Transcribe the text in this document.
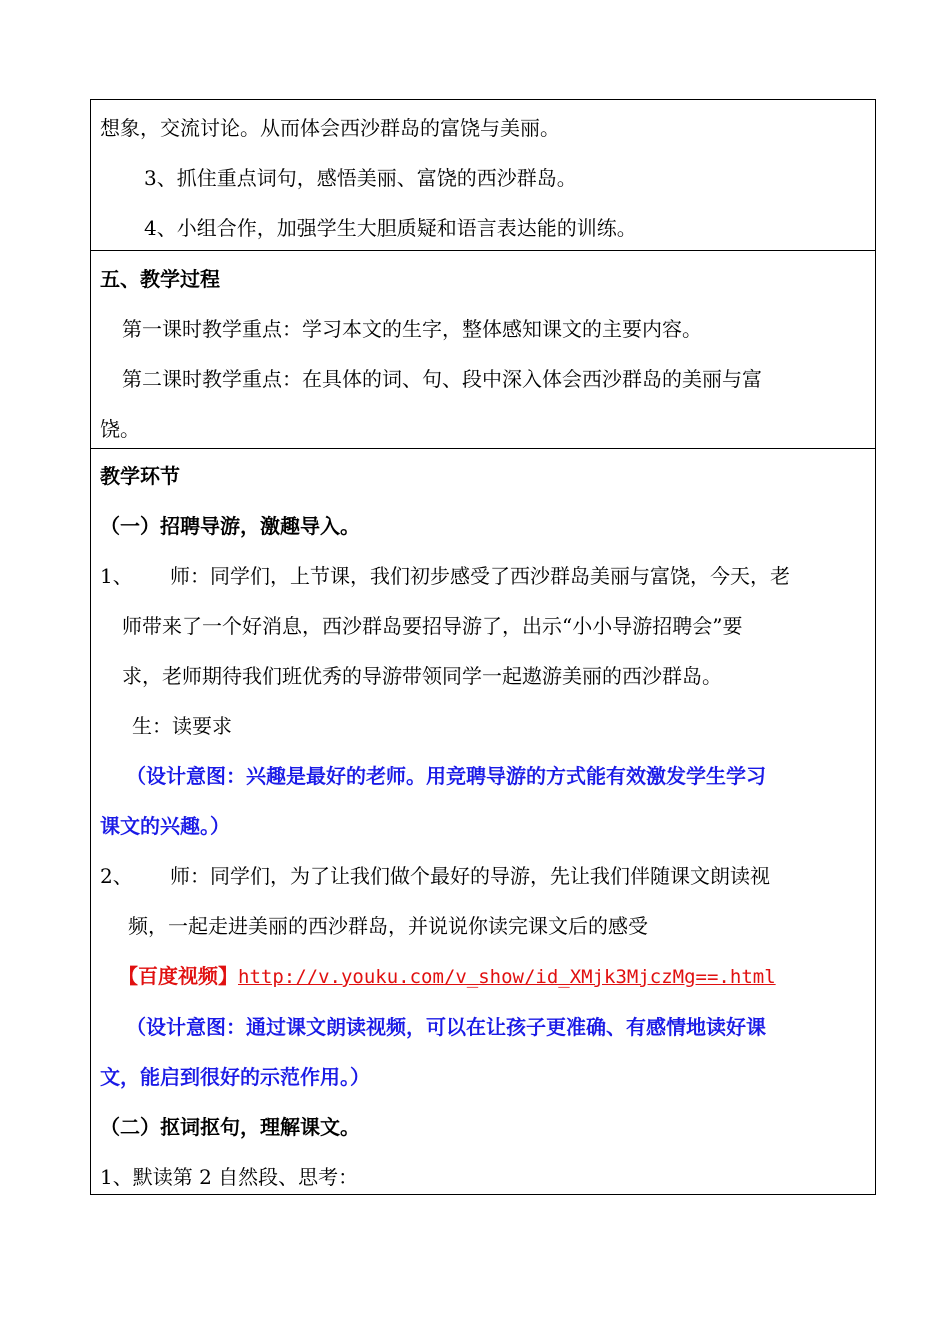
想象，交流讨论。从而体会西沙群岛的富饶与美丽。
3、抓住重点词句，感悟美丽、富饶的西沙群岛。
4、小组合作，加强学生大胆质疑和语言表达能的训练。
五、教学过程
第一课时教学重点：学习本文的生字，整体感知课文的主要内容。
第二课时教学重点：在具体的词、句、段中深入体会西沙群岛的美丽与富
饶。
教学环节
（一）招聘导游，激趣导入。
1、 师：同学们，上节课，我们初步感受了西沙群岛美丽与富饶，今天，老
师带来了一个好消息，西沙群岛要招导游了，出示“小小导游招聘会”要
求，老师期待我们班优秀的导游带领同学一起遨游美丽的西沙群岛。
生：读要求
（设计意图：兴趣是最好的老师。用竞聘导游的方式能有效激发学生学习
课文的兴趣。）
2、 师：同学们，为了让我们做个最好的导游，先让我们伴随课文朗读视
频，一起走进美丽的西沙群岛，并说说你读完课文后的感受
【百度视频】http://v.youku.com/v_show/id_XMjk3MjczMg==.html
（设计意图：通过课文朗读视频，可以在让孩子更准确、有感情地读好课
文，能启到很好的示范作用。）
（二）抠词抠句，理解课文。
1、默读第 2 自然段、思考：
